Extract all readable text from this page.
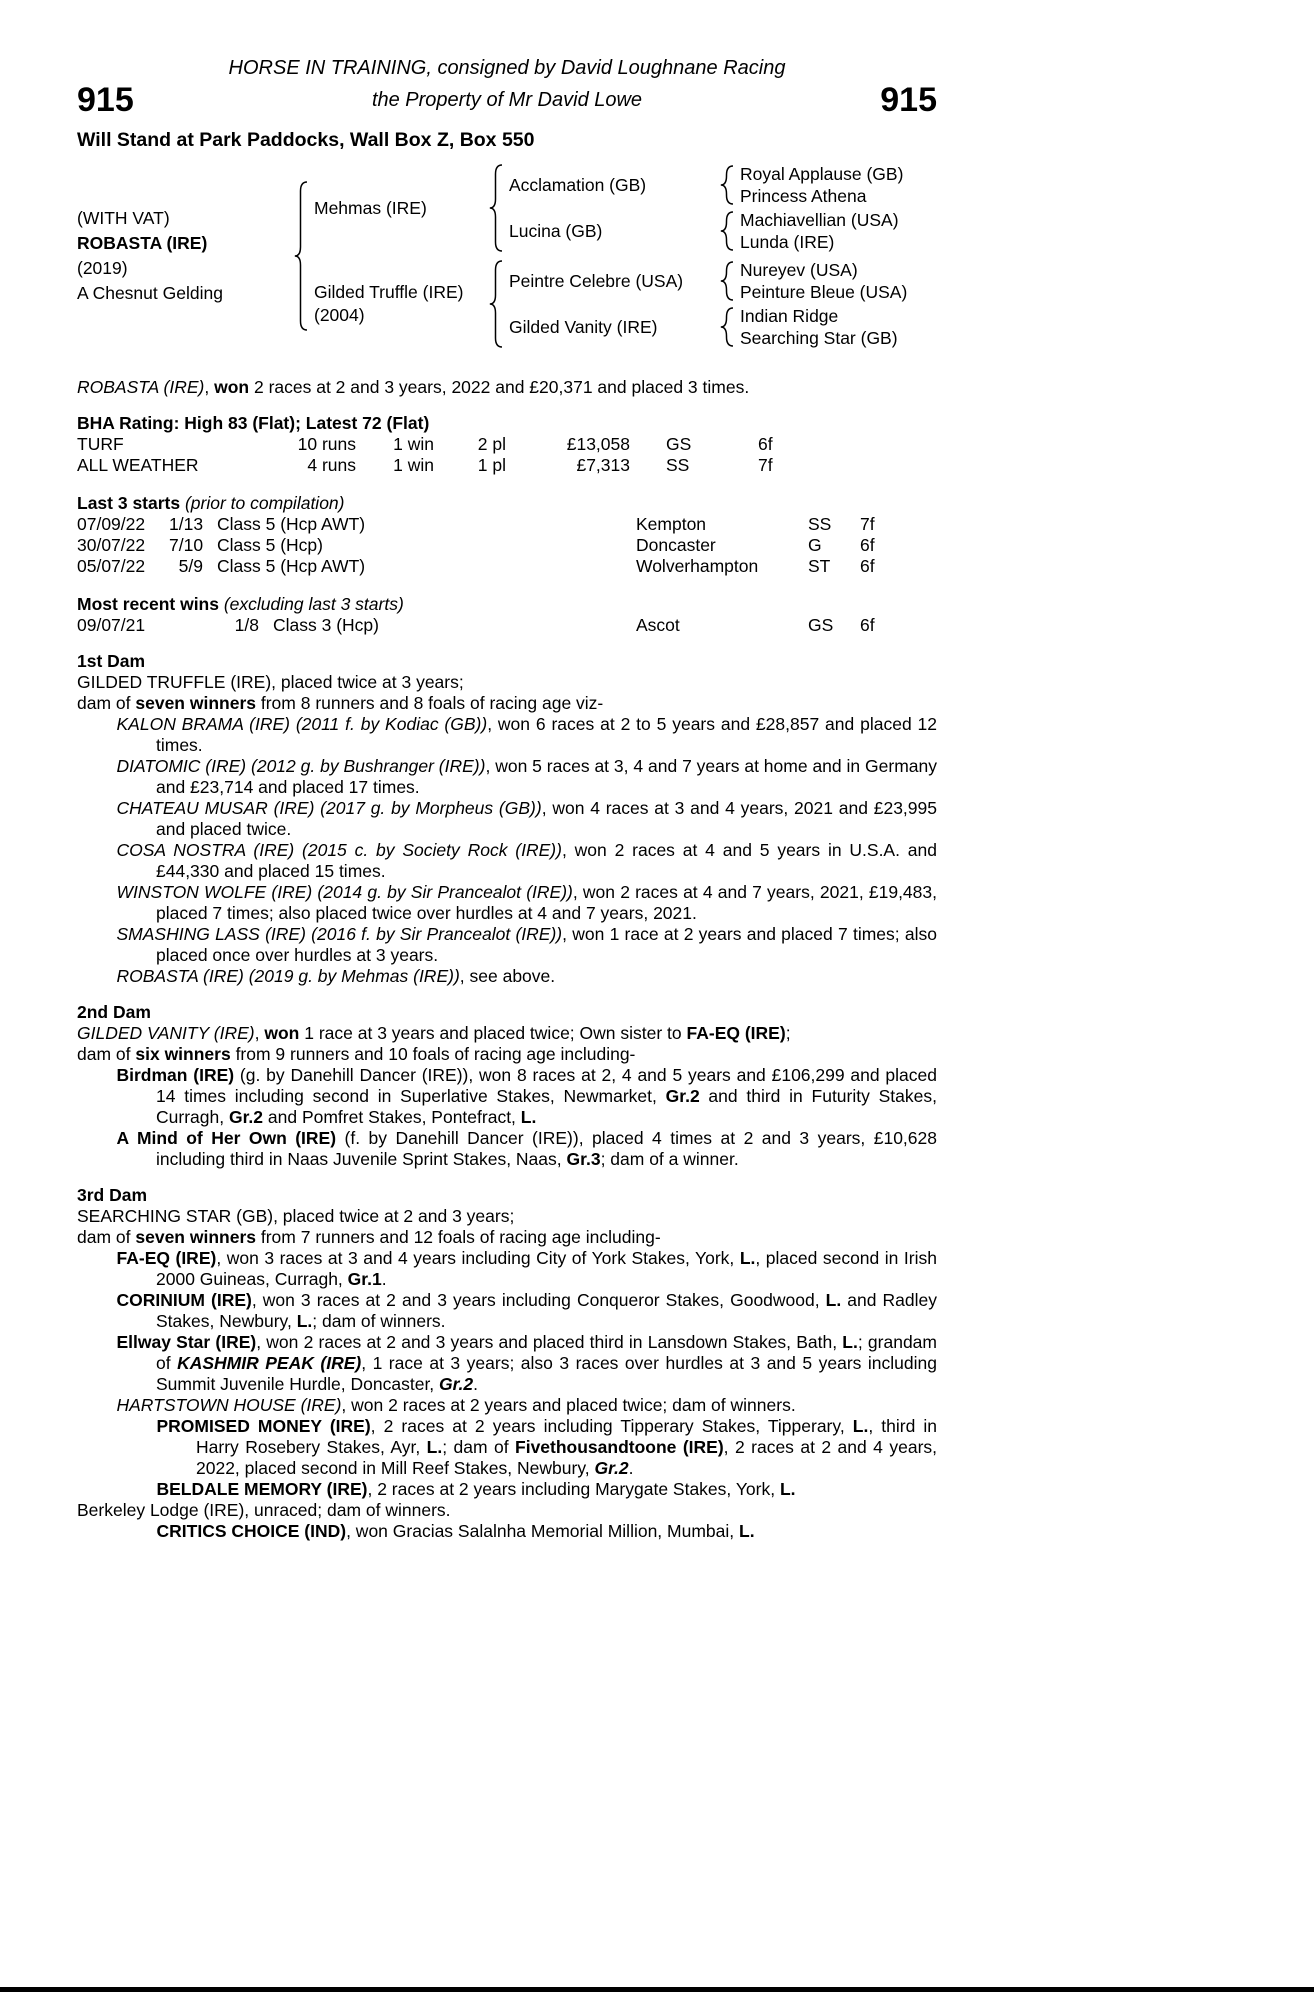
HORSE IN TRAINING, consigned by David Loughnane Racing
915	the Property of Mr David Lowe	915
Will Stand at Park Paddocks, Wall Box Z, Box 550
(WITH VAT)
ROBASTA (IRE)
(2019)
A Chesnut Gelding
Mehmas (IRE)
Acclamation (GB)
Royal Applause (GB)
Princess Athena
Lucina (GB)
Machiavellian (USA)
Lunda (IRE)
Gilded Truffle (IRE)
(2004)
Peintre Celebre (USA)
Nureyev (USA)
Peinture Bleue (USA)
Gilded Vanity (IRE)
Indian Ridge
Searching Star (GB)

ROBASTA (IRE), won 2 races at 2 and 3 years, 2022 and £20,371 and placed 3 times.

BHA Rating: High 83 (Flat); Latest 72 (Flat)
TURF	10 runs	1 win	2 pl	£13,058 GS	6f
ALL WEATHER	4 runs	1 win	1 pl	£7,313 SS	7f
Last 3 starts (prior to compilation)
07/09/22	1/13 Class 5 (Hcp AWT)	Kempton	SS	7f
30/07/22	7/10 Class 5 (Hcp)	Doncaster	G	6f
05/07/22	5/9 Class 5 (Hcp AWT)	Wolverhampton	ST	6f
Most recent wins (excluding last 3 starts)
09/07/21	1/8 Class 3 (Hcp)	Ascot	GS	6f
1st Dam

GILDED TRUFFLE (IRE), placed twice at 3 years;

dam of seven winners from 8 runners and 8 foals of racing age viz-

KALON BRAMA (IRE) (2011 f. by Kodiac (GB)), won 6 races at 2 to 5 years and £28,857 and placed 12 times.

DIATOMIC (IRE) (2012 g. by Bushranger (IRE)), won 5 races at 3, 4 and 7 years at home and in Germany and £23,714 and placed 17 times.

CHATEAU MUSAR (IRE) (2017 g. by Morpheus (GB)), won 4 races at 3 and 4 years, 2021 and £23,995 and placed twice.

COSA NOSTRA (IRE) (2015 c. by Society Rock (IRE)), won 2 races at 4 and 5 years in U.S.A. and £44,330 and placed 15 times.

WINSTON WOLFE (IRE) (2014 g. by Sir Prancealot (IRE)), won 2 races at 4 and 7 years, 2021, £19,483, placed 7 times; also placed twice over hurdles at 4 and 7 years, 2021.

SMASHING LASS (IRE) (2016 f. by Sir Prancealot (IRE)), won 1 race at 2 years and placed 7 times; also placed once over hurdles at 3 years.

ROBASTA (IRE) (2019 g. by Mehmas (IRE)), see above.

2nd Dam

GILDED VANITY (IRE), won 1 race at 3 years and placed twice; Own sister to FA-EQ (IRE);

dam of six winners from 9 runners and 10 foals of racing age including-

Birdman (IRE) (g. by Danehill Dancer (IRE)), won 8 races at 2, 4 and 5 years and £106,299 and placed 14 times including second in Superlative Stakes, Newmarket, Gr.2 and third in Futurity Stakes, Curragh, Gr.2 and Pomfret Stakes, Pontefract, L.

A Mind of Her Own (IRE) (f. by Danehill Dancer (IRE)), placed 4 times at 2 and 3 years, £10,628 including third in Naas Juvenile Sprint Stakes, Naas, Gr.3; dam of a winner.

3rd Dam

SEARCHING STAR (GB), placed twice at 2 and 3 years;

dam of seven winners from 7 runners and 12 foals of racing age including-

FA-EQ (IRE), won 3 races at 3 and 4 years including City of York Stakes, York, L., placed second in Irish 2000 Guineas, Curragh, Gr.1.

CORINIUM (IRE), won 3 races at 2 and 3 years including Conqueror Stakes, Goodwood, L. and Radley Stakes, Newbury, L.; dam of winners.

Ellway Star (IRE), won 2 races at 2 and 3 years and placed third in Lansdown Stakes, Bath, L.; grandam of KASHMIR PEAK (IRE), 1 race at 3 years; also 3 races over hurdles at 3 and 5 years including Summit Juvenile Hurdle, Doncaster, Gr.2.

HARTSTOWN HOUSE (IRE), won 2 races at 2 years and placed twice; dam of winners.

PROMISED MONEY (IRE), 2 races at 2 years including Tipperary Stakes, Tipperary, L., third in Harry Rosebery Stakes, Ayr, L.; dam of Fivethousandtoone (IRE), 2 races at 2 and 4 years, 2022, placed second in Mill Reef Stakes, Newbury, Gr.2.

BELDALE MEMORY (IRE), 2 races at 2 years including Marygate Stakes, York, L.

Berkeley Lodge (IRE), unraced; dam of winners.

CRITICS CHOICE (IND), won Gracias Salalnha Memorial Million, Mumbai, L.
